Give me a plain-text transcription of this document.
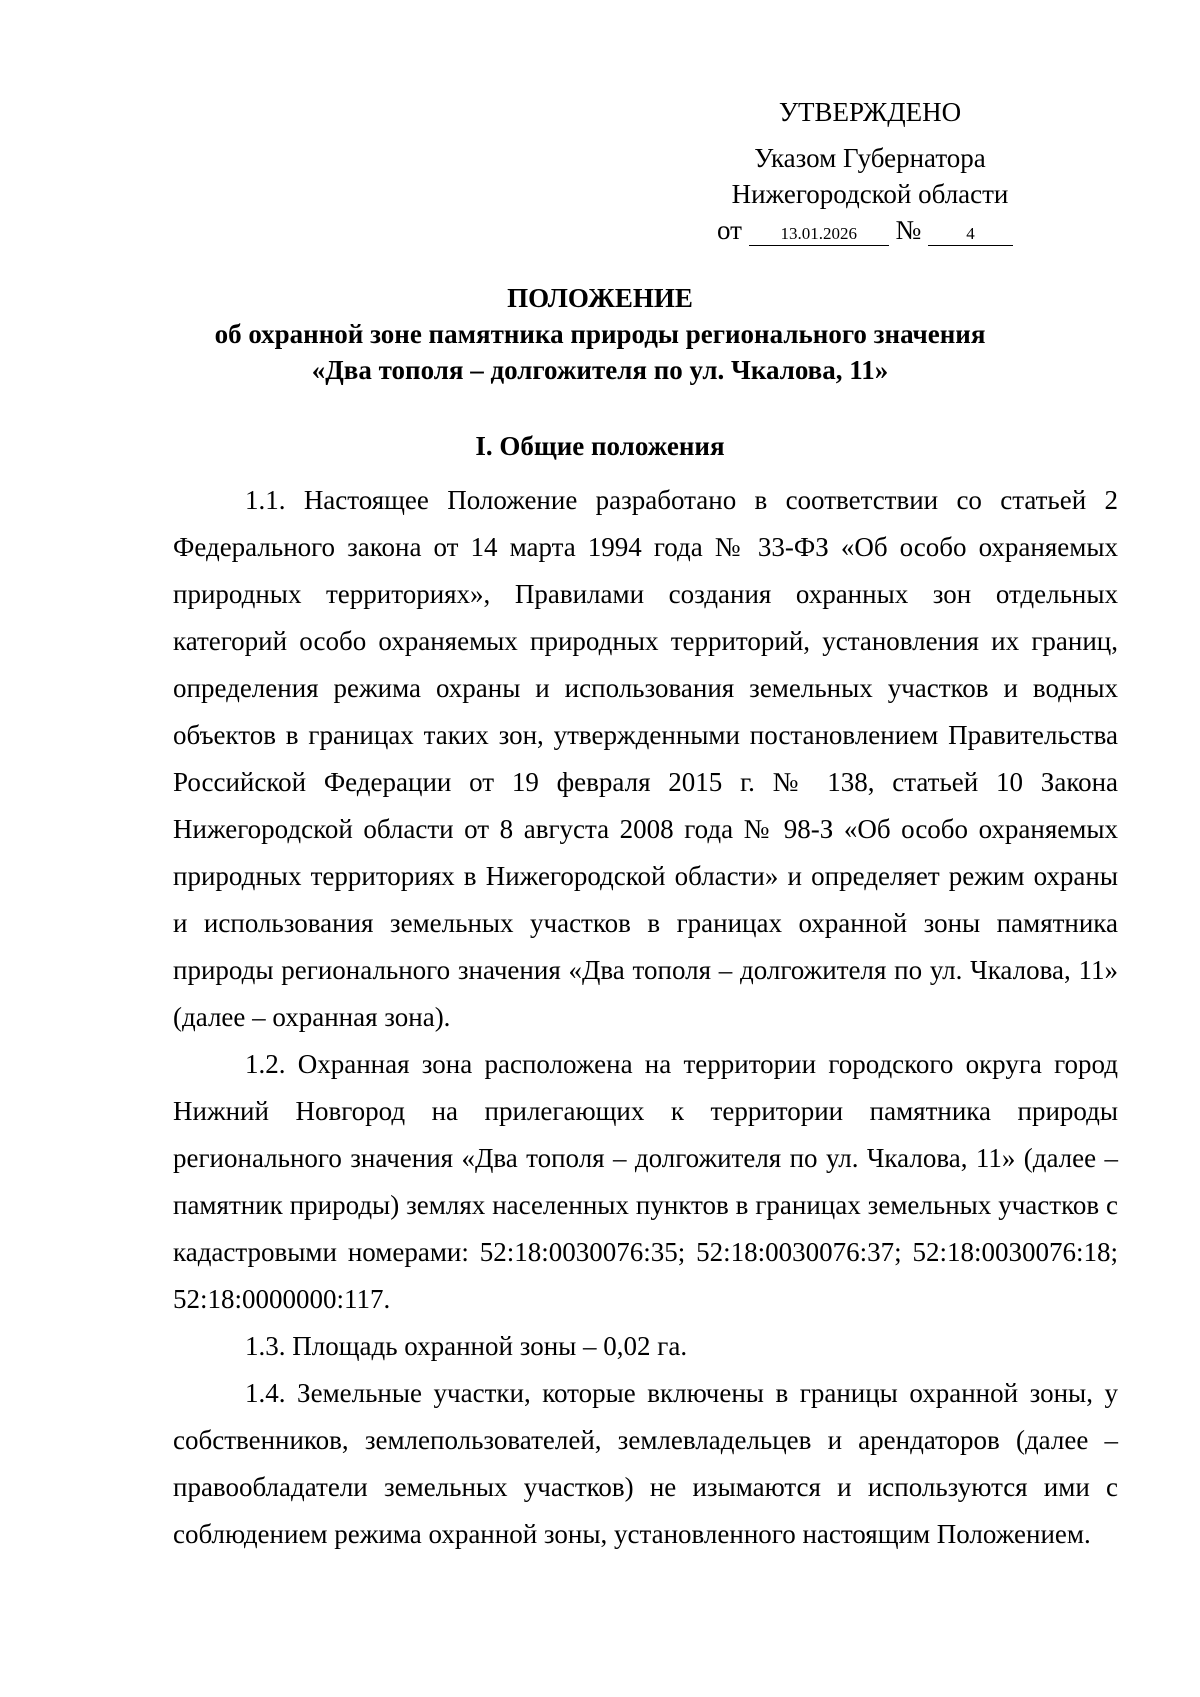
УТВЕРЖДЕНО
Указом Губернатора
Нижегородской области
от 13.01.2026 №	4
ПОЛОЖЕНИЕ
об охранной зоне памятника природы регионального значения
«Два тополя – долгожителя по ул. Чкалова, 11»
I. Общие положения

1.1. Настоящее Положение разработано в соответствии со статьей 2 Федерального закона от 14 марта 1994 года № 33-ФЗ «Об особо охраняемых природных территориях», Правилами создания охранных зон отдельных категорий особо охраняемых природных территорий, установления их границ, определения режима охраны и использования земельных участков и водных объектов в границах таких зон, утвержденными постановлением Правительства Российской Федерации от 19 февраля 2015 г. № 138, статьей 10 Закона Нижегородской области от 8 августа 2008 года № 98-З «Об особо охраняемых природных территориях в Нижегородской области» и определяет режим охраны и использования земельных участков в границах охранной зоны памятника природы регионального значения «Два тополя – долгожителя по ул. Чкалова, 11» (далее – охранная зона).

1.2. Охранная зона расположена на территории городского округа город Нижний Новгород на прилегающих к территории памятника природы регионального значения «Два тополя – долгожителя по ул. Чкалова, 11» (далее – памятник природы) землях населенных пунктов в границах земельных участков с кадастровыми номерами: 52:18:0030076:35; 52:18:0030076:37; 52:18:0030076:18; 52:18:0000000:117.

1.3. Площадь охранной зоны – 0,02 га.

1.4. Земельные участки, которые включены в границы охранной зоны, у собственников, землепользователей, землевладельцев и арендаторов (далее – правообладатели земельных участков) не изымаются и используются ими с соблюдением режима охранной зоны, установленного настоящим Положением.
